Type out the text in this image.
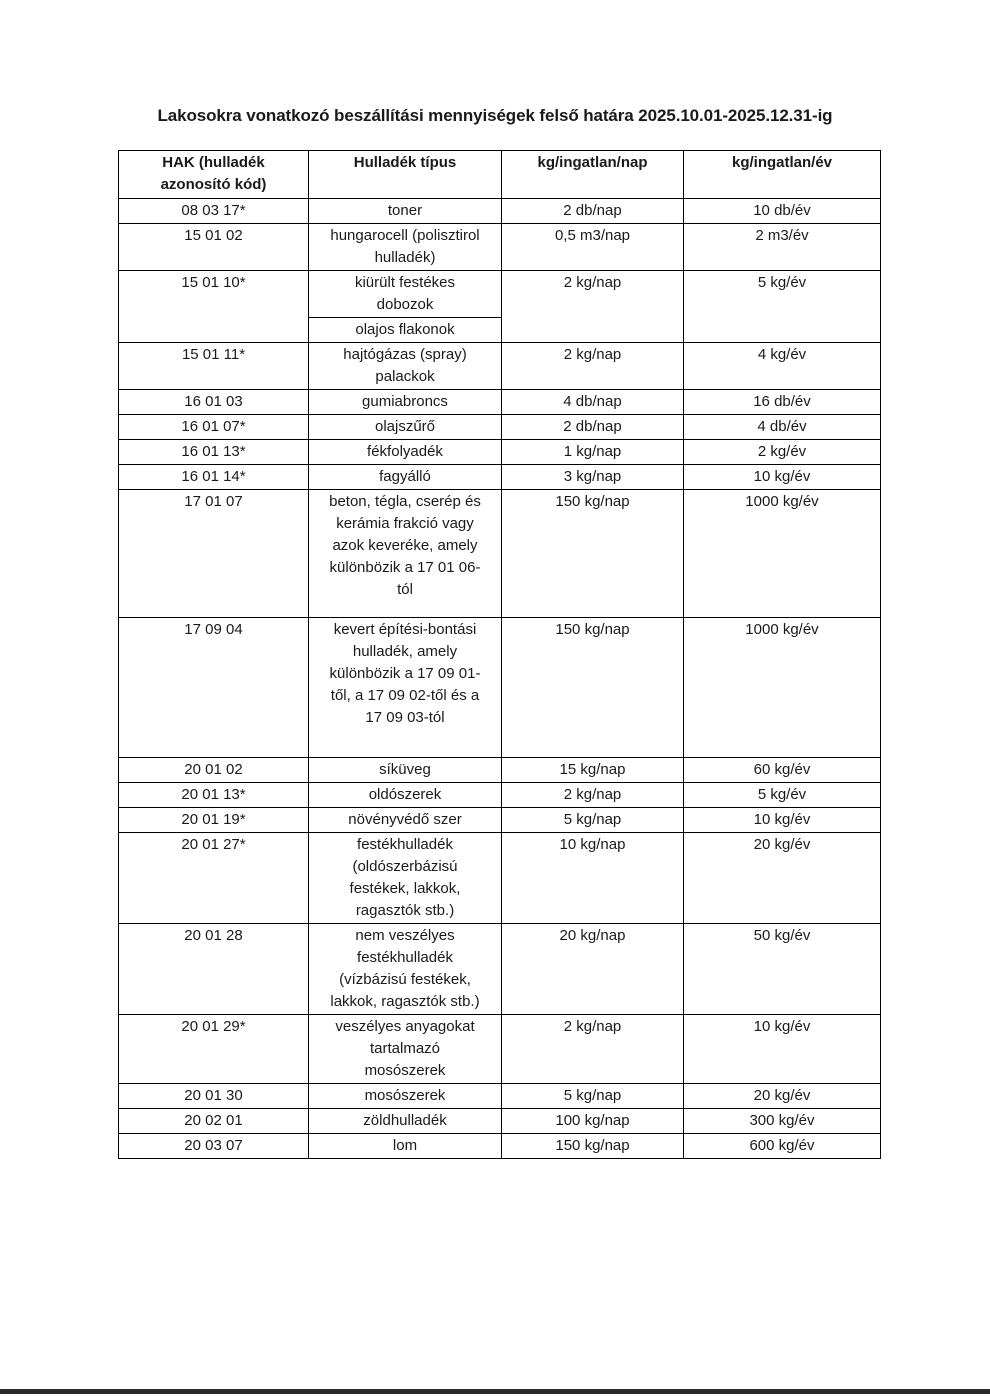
Lakosokra vonatkozó beszállítási mennyiségek felső határa 2025.10.01-2025.12.31-ig
HAK (hulladék azonosító kód)	Hulladék típus	kg/ingatlan/nap	kg/ingatlan/év
08 03 17*	toner	2 db/nap	10 db/év
15 01 02	hungarocell (polisztirol hulladék)	0,5 m3/nap	2 m3/év
15 01 10*	kiürült festékes dobozok	2 kg/nap	5 kg/év
	olajos flakonok		
15 01 11*	hajtógázas (spray) palackok	2 kg/nap	4 kg/év
16 01 03	gumiabroncs	4 db/nap	16 db/év
16 01 07*	olajszűrő	2 db/nap	4 db/év
16 01 13*	fékfolyadék	1 kg/nap	2 kg/év
16 01 14*	fagyálló	3 kg/nap	10 kg/év
17 01 07	beton, tégla, cserép és kerámia frakció vagy azok keveréke, amely különbözik a 17 01 06-tól	150 kg/nap	1000 kg/év
17 09 04	kevert építési-bontási hulladék, amely különbözik a 17 09 01-től, a 17 09 02-től és a 17 09 03-tól	150 kg/nap	1000 kg/év
20 01 02	síküveg	15 kg/nap	60 kg/év
20 01 13*	oldószerek	2 kg/nap	5 kg/év
20 01 19*	növényvédő szer	5 kg/nap	10 kg/év
20 01 27*	festékhulladék (oldószerbázisú festékek, lakkok, ragasztók stb.)	10 kg/nap	20 kg/év
20 01 28	nem veszélyes festékhulladék (vízbázisú festékek, lakkok, ragasztók stb.)	20 kg/nap	50 kg/év
20 01 29*	veszélyes anyagokat tartalmazó mosószerek	2 kg/nap	10 kg/év
20 01 30	mosószerek	5 kg/nap	20 kg/év
20 02 01	zöldhulladék	100 kg/nap	300 kg/év
20 03 07	lom	150 kg/nap	600 kg/év
